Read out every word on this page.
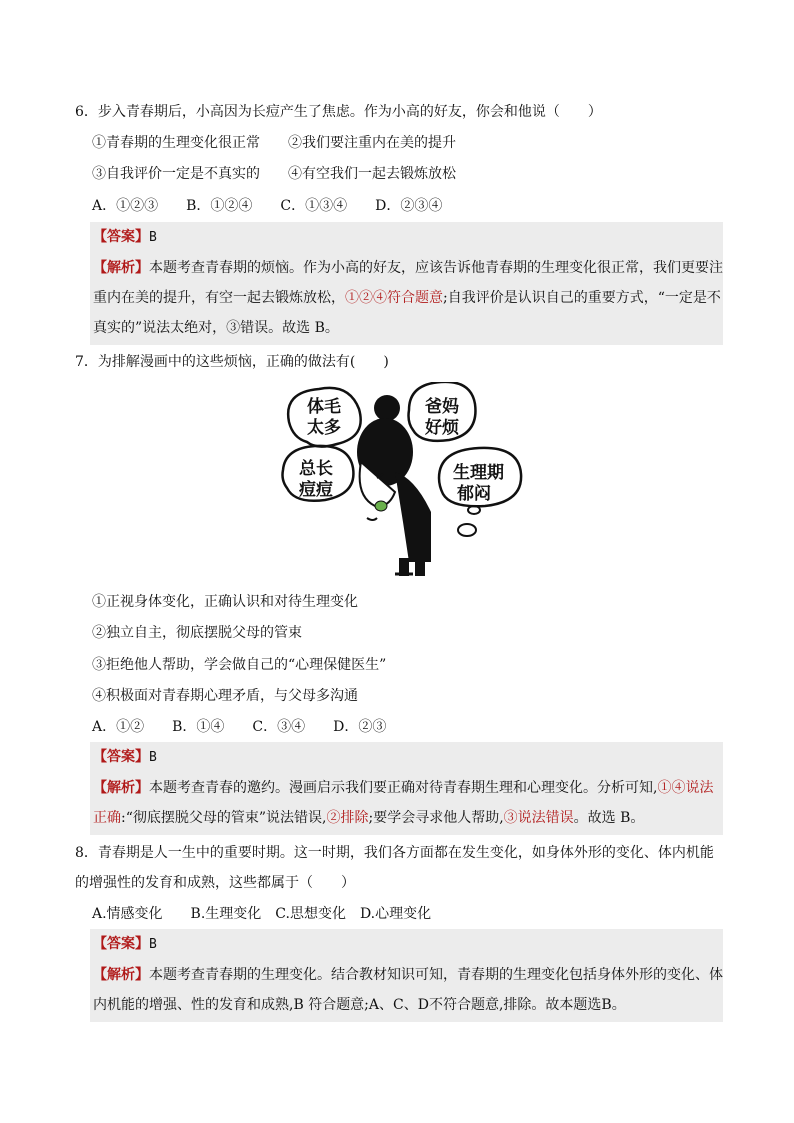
6．步入青春期后，小高因为长痘产生了焦虑。作为小高的好友，你会和他说（　　）
①青春期的生理变化很正常　　②我们要注重内在美的提升
③自我评价一定是不真实的　　④有空我们一起去锻炼放松
A．①②③　　B．①②④　　C．①③④　　D．②③④
【答案】B
【解析】本题考查青春期的烦恼。作为小高的好友，应该告诉他青春期的生理变化很正常，我们更要注重内在美的提升，有空一起去锻炼放松，①②④符合题意;自我评价是认识自己的重要方式，“一定是不真实的”说法太绝对，③错误。故选 B。
7．为排解漫画中的这些烦恼，正确的做法有(　　)
体毛
太多
爸妈
好烦
总长
痘痘
生理期
郁闷
①正视身体变化，正确认识和对待生理变化
②独立自主，彻底摆脱父母的管束
③拒绝他人帮助，学会做自己的“心理保健医生”
④积极面对青春期心理矛盾，与父母多沟通
A．①②　　B．①④　　C．③④　　D．②③
【答案】B
【解析】本题考查青春的邀约。漫画启示我们要正确对待青春期生理和心理变化。分析可知,①④说法正确:“彻底摆脱父母的管束”说法错误,②排除;要学会寻求他人帮助,③说法错误。故选 B。
8．青春期是人一生中的重要时期。这一时期，我们各方面都在发生变化，如身体外形的变化、体内机能的增强性的发育和成熟，这些都属于（　　）
A.情感变化　　B.生理变化　C.思想变化　D.心理变化
【答案】B
【解析】本题考查青春期的生理变化。结合教材知识可知，青春期的生理变化包括身体外形的变化、体内机能的增强、性的发育和成熟,B 符合题意;A、C、D不符合题意,排除。故本题选B。
